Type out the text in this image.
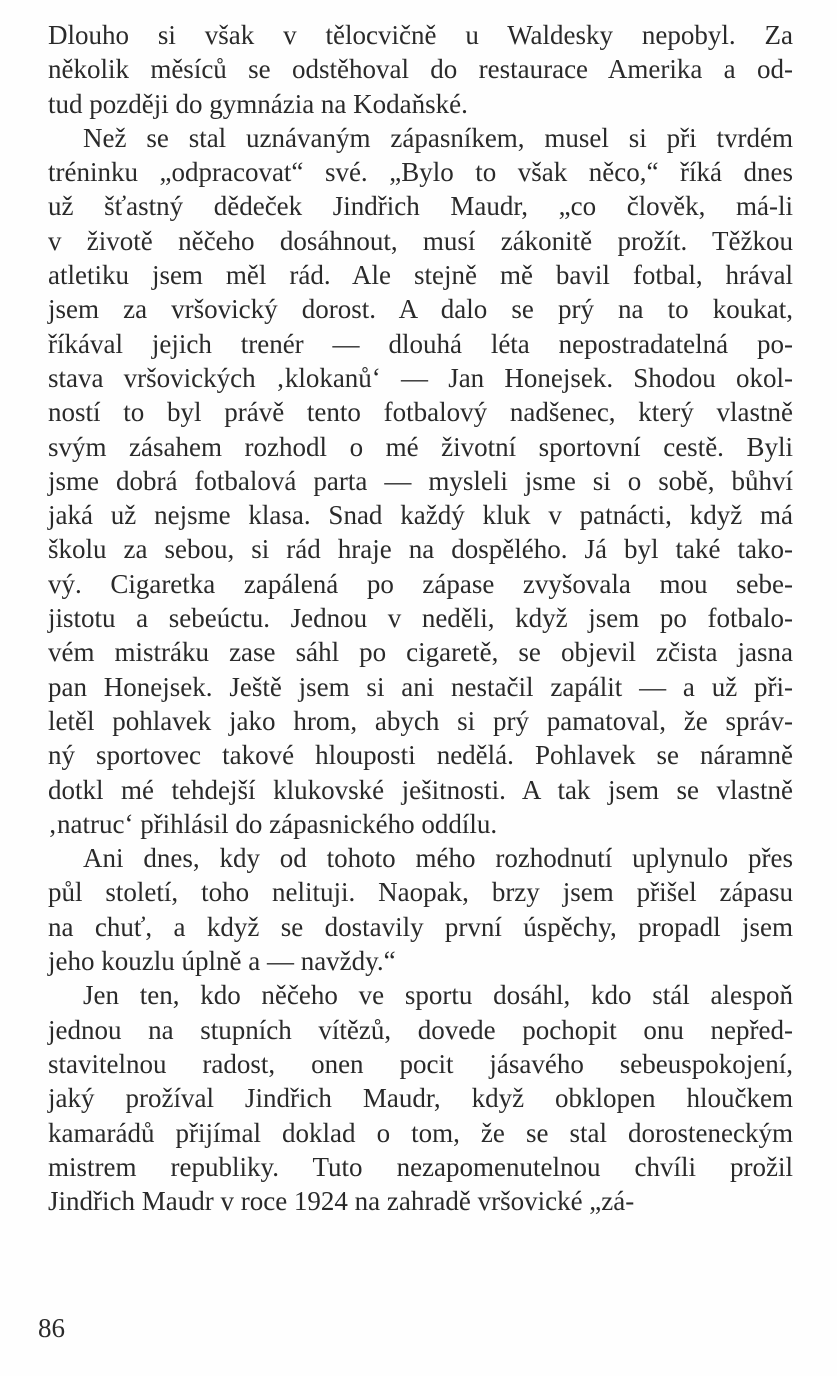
Dlouho si však v tělocvičně u Waldesky nepobyl. Za
několik měsíců se odstěhoval do restaurace Amerika a od-
tud později do gymnázia na Kodaňské.
Než se stal uznávaným zápasníkem, musel si při tvrdém
tréninku „odpracovat“ své. „Bylo to však něco,“ říká dnes
už šťastný dědeček Jindřich Maudr, „co člověk, má-li
v životě něčeho dosáhnout, musí zákonitě prožít. Těžkou
atletiku jsem měl rád. Ale stejně mě bavil fotbal, hrával
jsem za vršovický dorost. A dalo se prý na to koukat,
říkával jejich trenér — dlouhá léta nepostradatelná po-
stava vršovických ‚klokanů‘ — Jan Honejsek. Shodou okol-
ností to byl právě tento fotbalový nadšenec, který vlastně
svým zásahem rozhodl o mé životní sportovní cestě. Byli
jsme dobrá fotbalová parta — mysleli jsme si o sobě, bůhví
jaká už nejsme klasa. Snad každý kluk v patnácti, když má
školu za sebou, si rád hraje na dospělého. Já byl také tako-
vý. Cigaretka zapálená po zápase zvyšovala mou sebe-
jistotu a sebeúctu. Jednou v neděli, když jsem po fotbalo-
vém mistráku zase sáhl po cigaretě, se objevil zčista jasna
pan Honejsek. Ještě jsem si ani nestačil zapálit — a už při-
letěl pohlavek jako hrom, abych si prý pamatoval, že správ-
ný sportovec takové hlouposti nedělá. Pohlavek se náramně
dotkl mé tehdejší klukovské ješitnosti. A tak jsem se vlastně
‚natruc‘ přihlásil do zápasnického oddílu.
Ani dnes, kdy od tohoto mého rozhodnutí uplynulo přes
půl století, toho nelituji. Naopak, brzy jsem přišel zápasu
na chuť, a když se dostavily první úspěchy, propadl jsem
jeho kouzlu úplně a — navždy.“
Jen ten, kdo něčeho ve sportu dosáhl, kdo stál alespoň
jednou na stupních vítězů, dovede pochopit onu nepřed-
stavitelnou radost, onen pocit jásavého sebeuspokojení,
jaký prožíval Jindřich Maudr, když obklopen hloučkem
kamarádů přijímal doklad o tom, že se stal dorosteneckým
mistrem republiky. Tuto nezapomenutelnou chvíli prožil
Jindřich Maudr v roce 1924 na zahradě vršovické „zá-
86
